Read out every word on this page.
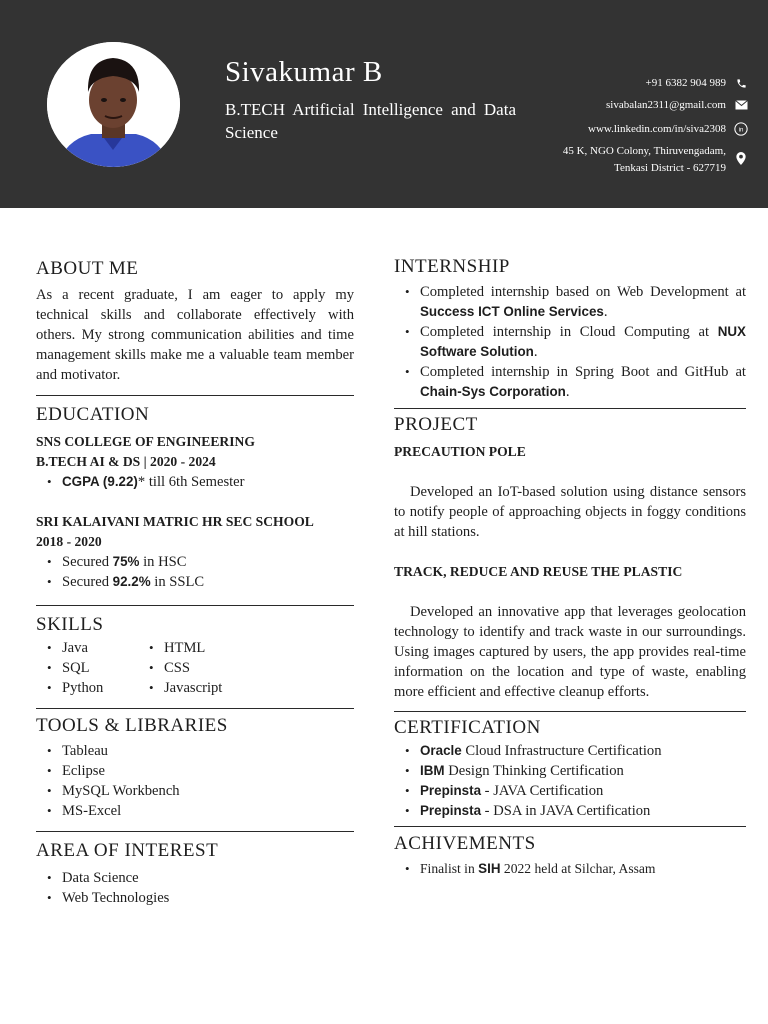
Sivakumar B
B.TECH Artificial Intelligence and Data Science
+91 6382 904 989
sivabalan2311@gmail.com
www.linkedin.com/in/siva2308 in
45 K, NGO Colony, Thiruvengadam,
Tenkasi District - 627719
ABOUT ME

As a recent graduate, I am eager to apply my technical skills and collaborate effectively with others. My strong communication abilities and time management skills make me a valuable team member and motivator.

EDUCATION
SNS COLLEGE OF ENGINEERING
B.TECH AI & DS | 2020 - 2024
• CGPA (9.22)* till 6th Semester
SRI KALAIVANI MATRIC HR SEC SCHOOL
2018 - 2020
• Secured 75% in HSC
• Secured 92.2% in SSLC
SKILLS
• Java
• SQL
• Python
• HTML
• CSS
• Javascript
TOOLS & LIBRARIES
• Tableau
• Eclipse
• MySQL Workbench
• MS-Excel
AREA OF INTEREST
• Data Science
• Web Technologies
INTERNSHIP
• Completed internship based on Web Development at Success ICT Online Services.
• Completed internship in Cloud Computing at NUX Software Solution.
• Completed internship in Spring Boot and GitHub at Chain-Sys Corporation.
PROJECT
PRECAUTION POLE

Developed an IoT-based solution using distance sensors to notify people of approaching objects in foggy conditions at hill stations.

TRACK, REDUCE AND REUSE THE PLASTIC

Developed an innovative app that leverages geolocation technology to identify and track waste in our surroundings. Using images captured by users, the app provides real-time information on the location and type of waste, enabling more efficient and effective cleanup efforts.

CERTIFICATION
• Oracle Cloud Infrastructure Certification
• IBM Design Thinking Certification
• Prepinsta - JAVA Certification
• Prepinsta - DSA in JAVA Certification
ACHIVEMENTS
• Finalist in SIH 2022 held at Silchar, Assam
